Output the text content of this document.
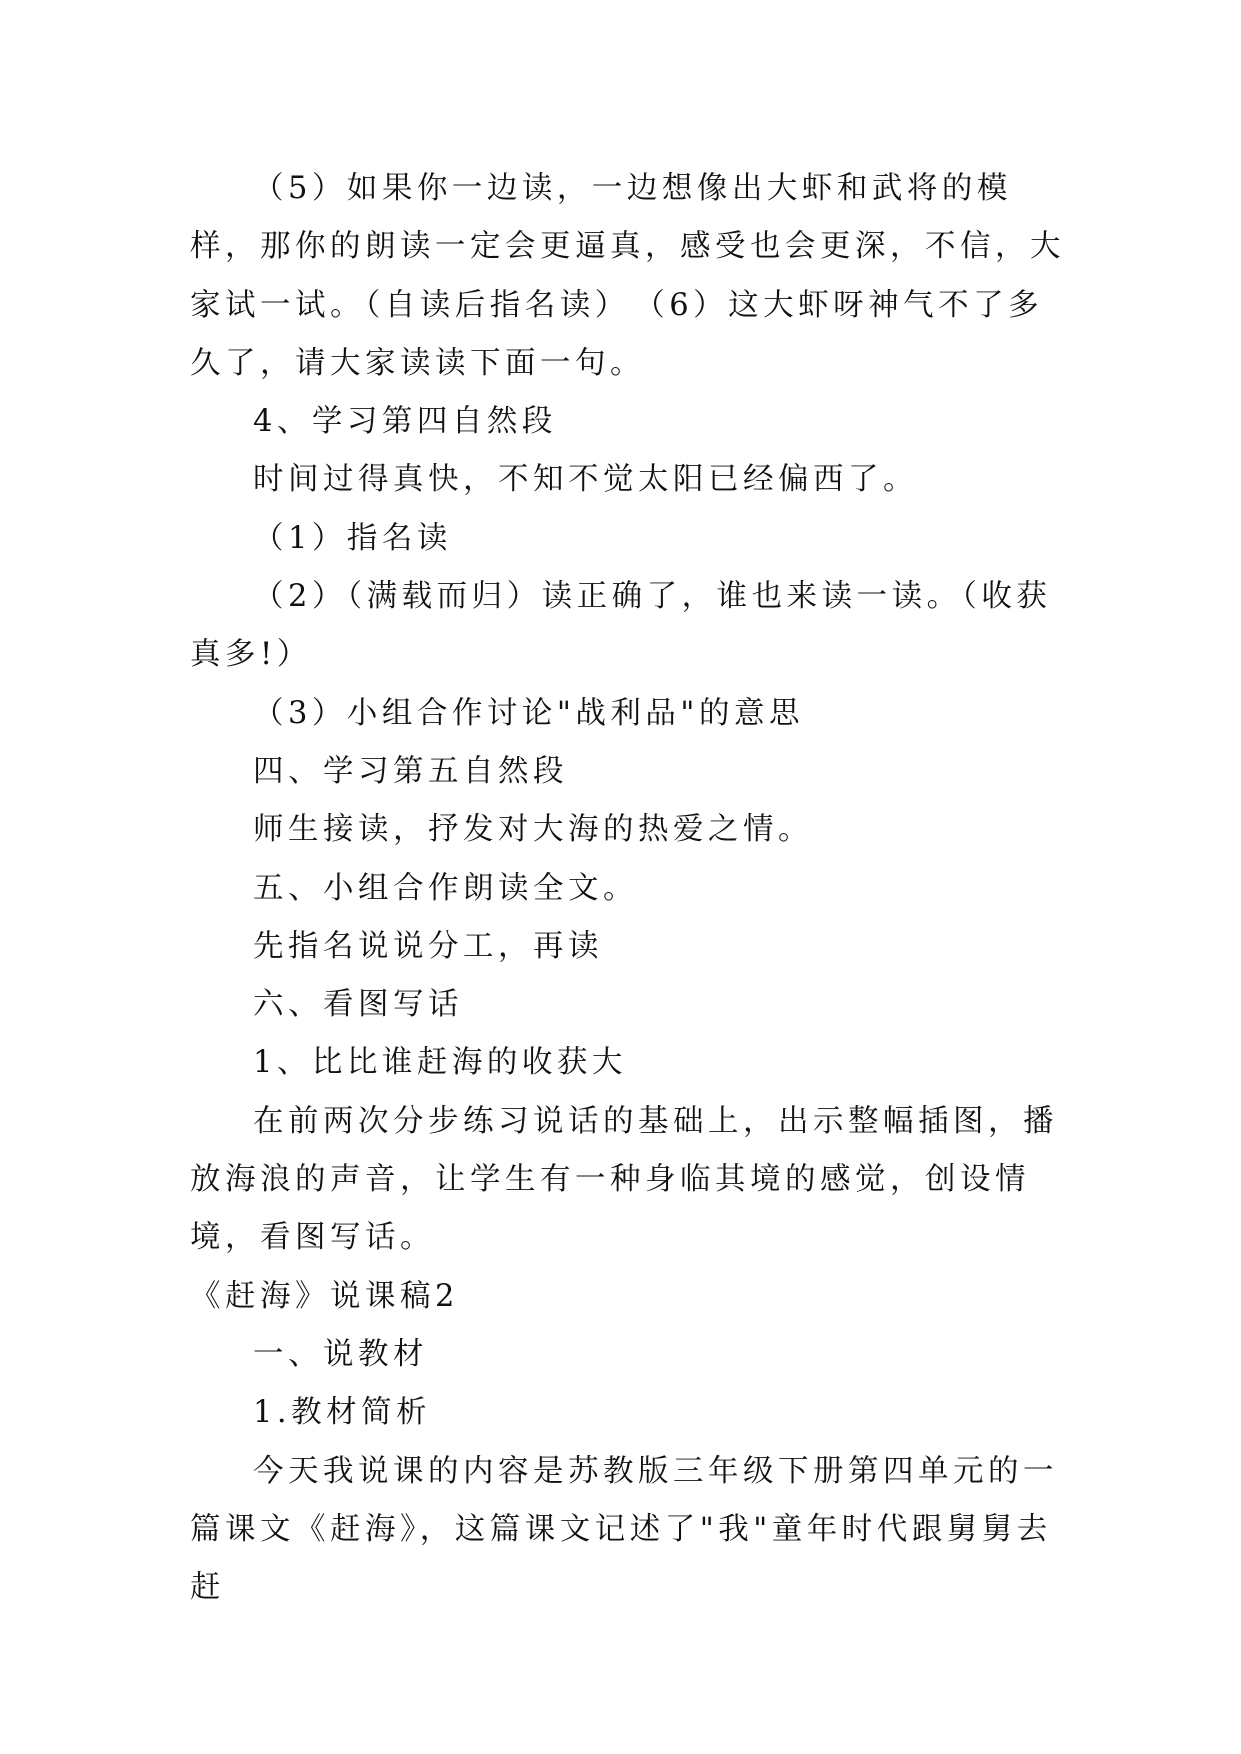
（5）如果你一边读，一边想像出大虾和武将的模样，那你的朗读一定会更逼真，感受也会更深，不信，大家试一试。（自读后指名读）　（6）这大虾呀神气不了多久了，请大家读读下面一句。

4、学习第四自然段

时间过得真快，不知不觉太阳已经偏西了。

（1）指名读

（2）（满载而归）读正确了，谁也来读一读。（收获真多!）

（3）小组合作讨论"战利品"的意思

四、学习第五自然段

师生接读，抒发对大海的热爱之情。

五、小组合作朗读全文。

先指名说说分工，再读

六、看图写话

1、比比谁赶海的收获大

在前两次分步练习说话的基础上，出示整幅插图，播放海浪的声音，让学生有一种身临其境的感觉，创设情境，看图写话。

《赶海》说课稿2

一、说教材

1.教材简析

今天我说课的内容是苏教版三年级下册第四单元的一篇课文《赶海》，这篇课文记述了"我"童年时代跟舅舅去赶
